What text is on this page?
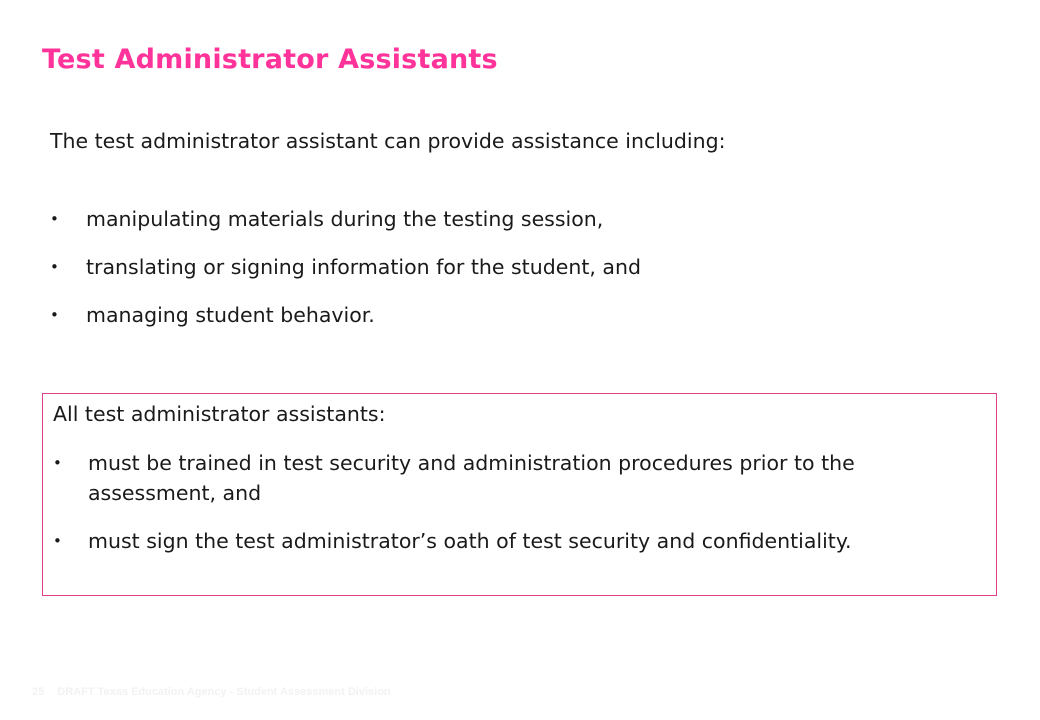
Test Administrator Assistants

The test administrator assistant can provide assistance including:

• manipulating materials during the testing session,
• translating or signing information for the student, and
• managing student behavior.

All test administrator assistants:

• must be trained in test security and administration procedures prior to the assessment, and
• must sign the test administrator’s oath of test security and confidentiality.
25 DRAFT Texas Education Agency - Student Assessment Division
